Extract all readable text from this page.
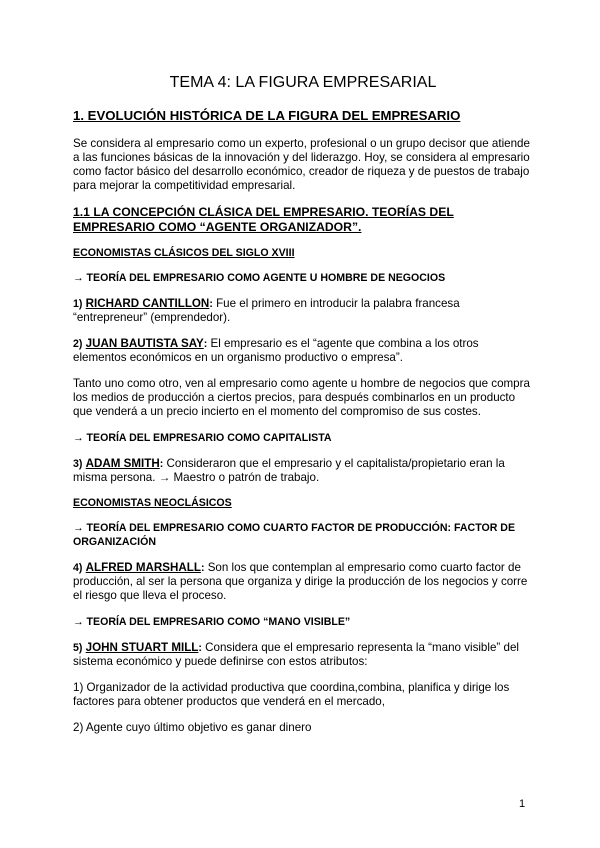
TEMA 4: LA FIGURA EMPRESARIAL
1. EVOLUCIÓN HISTÓRICA DE LA FIGURA DEL EMPRESARIO

Se considera al empresario como un experto, profesional o un grupo decisor que atiende a las funciones básicas de la innovación y del liderazgo. Hoy, se considera al empresario como factor básico del desarrollo económico, creador de riqueza y de puestos de trabajo para mejorar la competitividad empresarial.

1.1 LA CONCEPCIÓN CLÁSICA DEL EMPRESARIO. TEORÍAS DEL EMPRESARIO COMO “AGENTE ORGANIZADOR”.
ECONOMISTAS CLÁSICOS DEL SIGLO XVIII
→ TEORÍA DEL EMPRESARIO COMO AGENTE U HOMBRE DE NEGOCIOS

1) RICHARD CANTILLON: Fue el primero en introducir la palabra francesa “entrepreneur” (emprendedor).

2) JUAN BAUTISTA SAY: El empresario es el “agente que combina a los otros elementos económicos en un organismo productivo o empresa”.

Tanto uno como otro, ven al empresario como agente u hombre de negocios que compra los medios de producción a ciertos precios, para después combinarlos en un producto que venderá a un precio incierto en el momento del compromiso de sus costes.

→ TEORÍA DEL EMPRESARIO COMO CAPITALISTA

3) ADAM SMITH: Consideraron que el empresario y el capitalista/propietario eran la misma persona. → Maestro o patrón de trabajo.

ECONOMISTAS NEOCLÁSICOS
→ TEORÍA DEL EMPRESARIO COMO CUARTO FACTOR DE PRODUCCIÓN: FACTOR DE ORGANIZACIÓN

4) ALFRED MARSHALL: Son los que contemplan al empresario como cuarto factor de producción, al ser la persona que organiza y dirige la producción de los negocios y corre el riesgo que lleva el proceso.

→ TEORÍA DEL EMPRESARIO COMO “MANO VISIBLE”

5) JOHN STUART MILL: Considera que el empresario representa la “mano visible” del sistema económico y puede definirse con estos atributos:

1) Organizador de la actividad productiva que coordina,combina, planifica y dirige los factores para obtener productos que venderá en el mercado,

2) Agente cuyo último objetivo es ganar dinero

1
